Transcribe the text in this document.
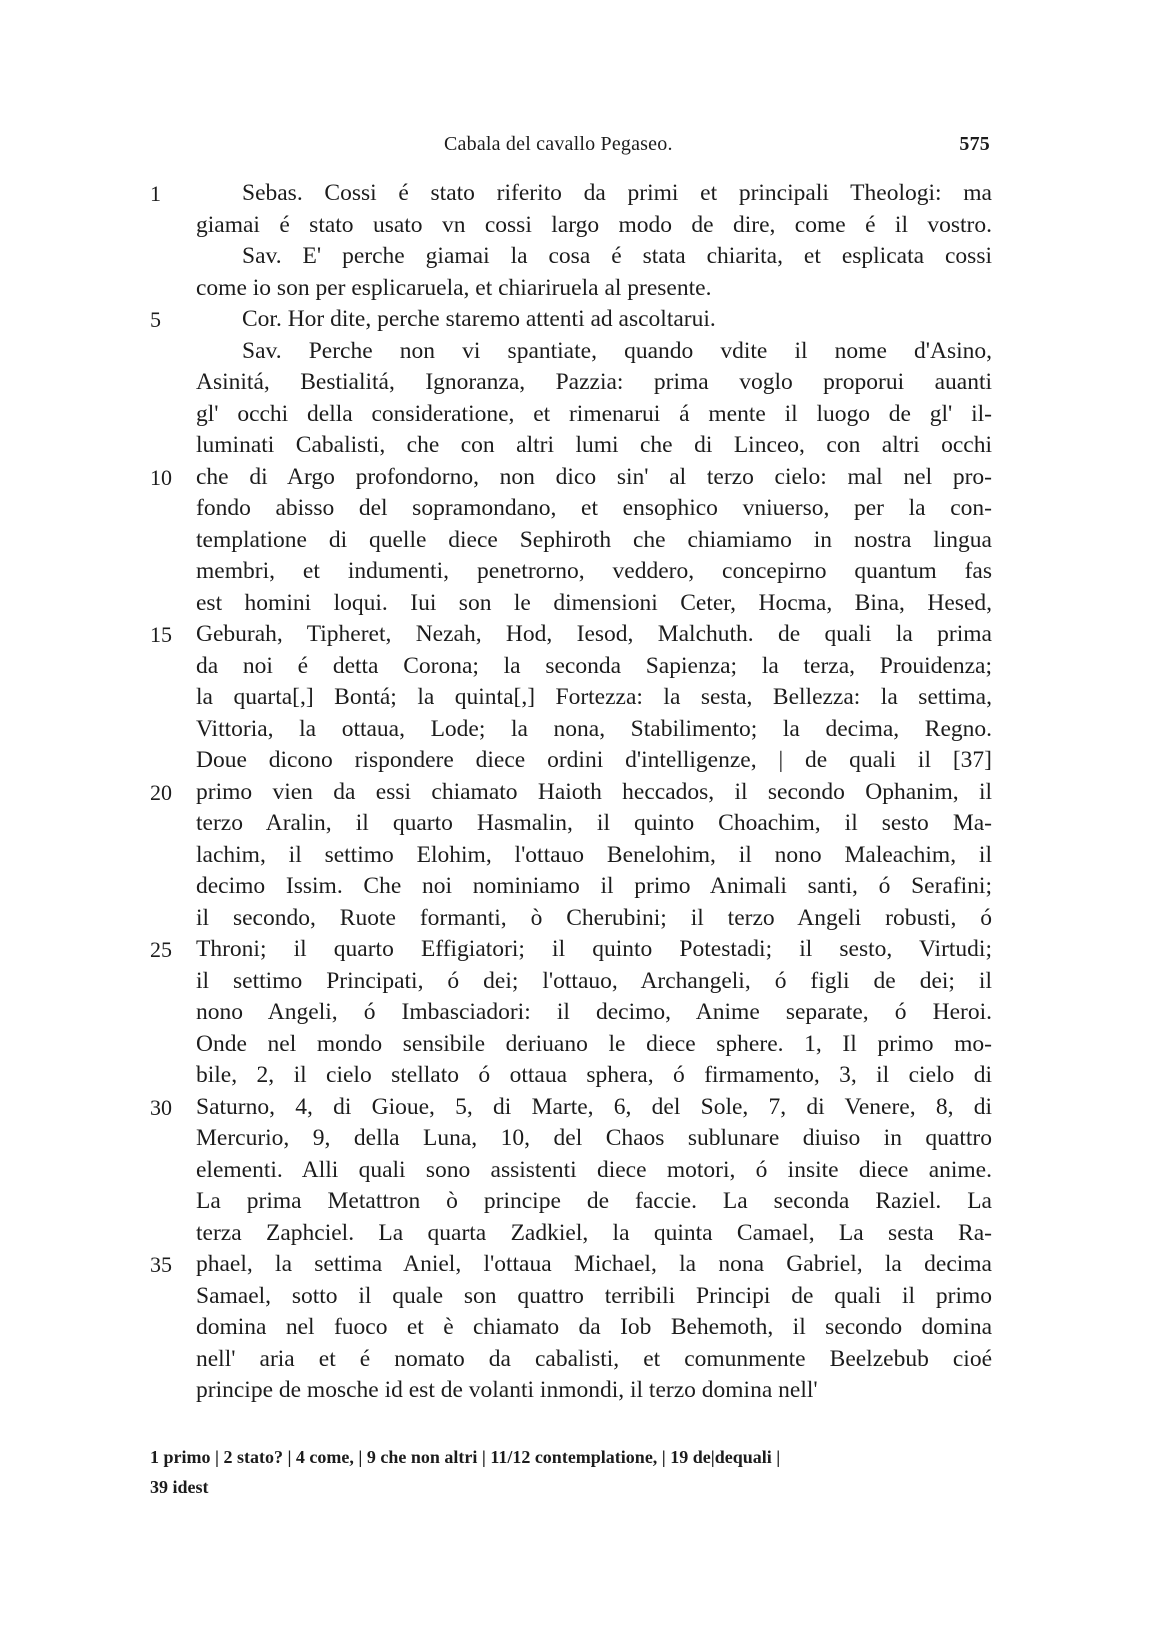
Cabala del cavallo Pegaseo.	575
1	Sebas. Cossi é stato riferito da primi et principali Theologi: ma
giamai é stato usato vn cossi largo modo de dire, come é il vostro.
Sav. E' perche giamai la cosa é stata chiarita, et esplicata cossi
come io son per esplicaruela, et chiariruela al presente.
5	Cor. Hor dite, perche staremo attenti ad ascoltarui.
Sav. Perche non vi spantiate, quando vdite il nome d'Asino,
Asinitá, Bestialitá, Ignoranza, Pazzia: prima voglo proporui auanti
gl' occhi della consideratione, et rimenarui á mente il luogo de gl' il-
luminati Cabalisti, che con altri lumi che di Linceo, con altri occhi
10	che di Argo profondorno, non dico sin' al terzo cielo: mal nel pro-
fondo abisso del sopramondano, et ensophico vniuerso, per la con-
templatione di quelle diece Sephiroth che chiamiamo in nostra lingua
membri, et indumenti, penetrorno, veddero, concepirno quantum fas
est homini loqui. Iui son le dimensioni Ceter, Hocma, Bina, Hesed,
15	Geburah, Tipheret, Nezah, Hod, Iesod, Malchuth. de quali la prima
da noi é detta Corona; la seconda Sapienza; la terza, Prouidenza;
la quarta[,] Bontá; la quinta[,] Fortezza: la sesta, Bellezza: la settima,
Vittoria, la ottaua, Lode; la nona, Stabilimento; la decima, Regno.
Doue dicono rispondere diece ordini d'intelligenze, | de quali il [37]
20	primo vien da essi chiamato Haioth heccados, il secondo Ophanim, il
terzo Aralin, il quarto Hasmalin, il quinto Choachim, il sesto Ma-
lachim, il settimo Elohim, l'ottauo Benelohim, il nono Maleachim, il
decimo Issim. Che noi nominiamo il primo Animali santi, ó Serafini;
il secondo, Ruote formanti, ò Cherubini; il terzo Angeli robusti, ó
25	Throni; il quarto Effigiatori; il quinto Potestadi; il sesto, Virtudi;
il settimo Principati, ó dei; l'ottauo, Archangeli, ó figli de dei; il
nono Angeli, ó Imbasciadori: il decimo, Anime separate, ó Heroi.
Onde nel mondo sensibile deriuano le diece sphere. 1, Il primo mo-
bile, 2, il cielo stellato ó ottaua sphera, ó firmamento, 3, il cielo di
30	Saturno, 4, di Gioue, 5, di Marte, 6, del Sole, 7, di Venere, 8, di
Mercurio, 9, della Luna, 10, del Chaos sublunare diuiso in quattro
elementi. Alli quali sono assistenti diece motori, ó insite diece anime.
La prima Metattron ò principe de faccie. La seconda Raziel. La
terza Zaphciel. La quarta Zadkiel, la quinta Camael, La sesta Ra-
35	phael, la settima Aniel, l'ottaua Michael, la nona Gabriel, la decima
Samael, sotto il quale son quattro terribili Principi de quali il primo
domina nel fuoco et è chiamato da Iob Behemoth, il secondo domina
nell' aria et é nomato da cabalisti, et comunmente Beelzebub cioé
principe de mosche id est de volanti inmondi, il terzo domina nell'
1 primo | 2 stato? | 4 come, | 9 che non altri | 11/12 contemplatione, | 19 de|dequali |
39 idest
